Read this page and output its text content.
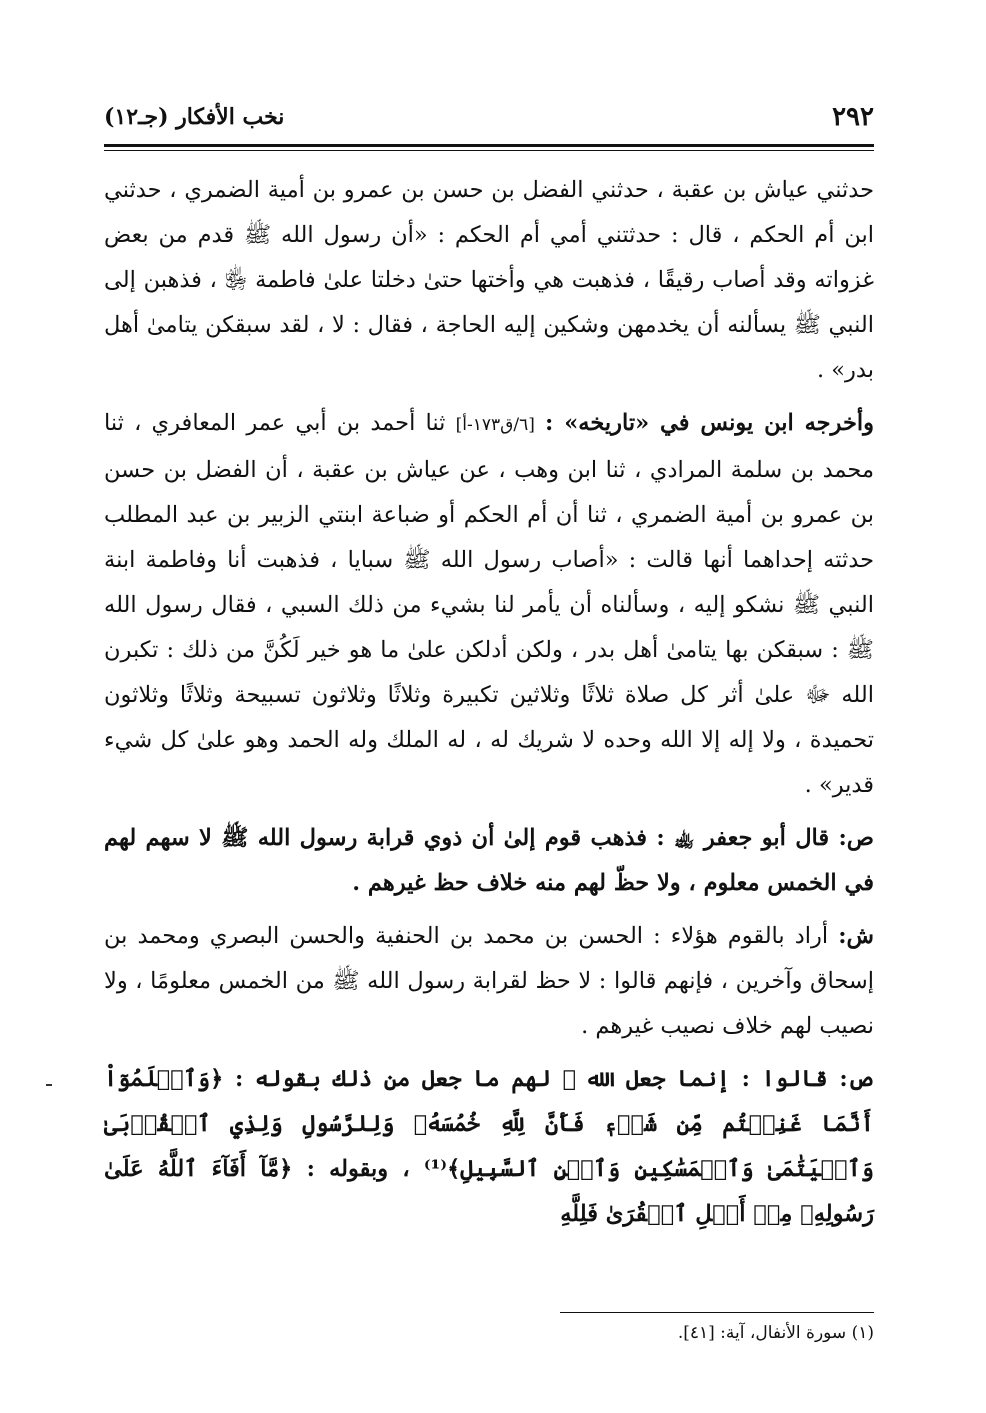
٢٩٢
نخب الأفكار (جـ١٢)

حدثني عياش بن عقبة ، حدثني الفضل بن حسن بن عمرو بن أمية الضمري ، حدثني ابن أم الحكم ، قال : حدثتني أمي أم الحكم : «أن رسول الله ﷺ قدم من بعض غزواته وقد أصاب رقيقًا ، فذهبت هي وأختها حتىٰ دخلتا علىٰ فاطمة ﵂ ، فذهبن إلى النبي ﷺ يسألنه أن يخدمهن وشكين إليه الحاجة ، فقال : لا ، لقد سبقكن يتامىٰ أهل بدر» .

وأخرجه ابن يونس في «تاريخه» : [٦/ق١٧٣-أ] ثنا أحمد بن أبي عمر المعافري ، ثنا محمد بن سلمة المرادي ، ثنا ابن وهب ، عن عياش بن عقبة ، أن الفضل بن حسن بن عمرو بن أمية الضمري ، ثنا أن أم الحكم أو ضباعة ابنتي الزبير بن عبد المطلب حدثته إحداهما أنها قالت : «أصاب رسول الله ﷺ سبايا ، فذهبت أنا وفاطمة ابنة النبي ﷺ نشكو إليه ، وسألناه أن يأمر لنا بشيء من ذلك السبي ، فقال رسول الله ﷺ : سبقكن بها يتامىٰ أهل بدر ، ولكن أدلكن علىٰ ما هو خير لَكُنَّ من ذلك : تكبرن الله ﷻ علىٰ أثر كل صلاة ثلاثًا وثلاثين تكبيرة وثلاثًا وثلاثون تسبيحة وثلاثًا وثلاثون تحميدة ، ولا إله إلا الله وحده لا شريك له ، له الملك وله الحمد وهو علىٰ كل شيء قدير» .

ص: قال أبو جعفر ﵀ : فذهب قوم إلىٰ أن ذوي قرابة رسول الله ﷺ لا سهم لهم في الخمس معلوم ، ولا حظّ لهم منه خلاف حظ غيرهم .

ش: أراد بالقوم هؤلاء : الحسن بن محمد بن الحنفية والحسن البصري ومحمد بن إسحاق وآخرين ، فإنهم قالوا : لا حظ لقرابة رسول الله ﷺ من الخمس معلومًا ، ولا نصيب لهم خلاف نصيب غيرهم .

ص: قالوا : إنما جعل الله ﷻ لهم ما جعل من ذلك بقوله : ﴿وَٱعۡلَمُوٓاْ أَنَّمَا غَنِمۡتُم مِّن شَيۡءٖ فَأَنَّ لِلَّهِ خُمُسَهُۥ وَلِلرَّسُولِ وَلِذِي ٱلۡقُرۡبَىٰ وَٱلۡيَتَٰمَىٰ وَٱلۡمَسَٰكِينِ وَٱبۡنِ ٱلسَّبِيلِ﴾⁽¹⁾ ، وبقوله : ﴿مَّآ أَفَآءَ ٱللَّهُ عَلَىٰ رَسُولِهِۦ مِنۡ أَهۡلِ ٱلۡقُرَىٰ فَلِلَّهِ

(١) سورة الأنفال، آية: [٤١].
